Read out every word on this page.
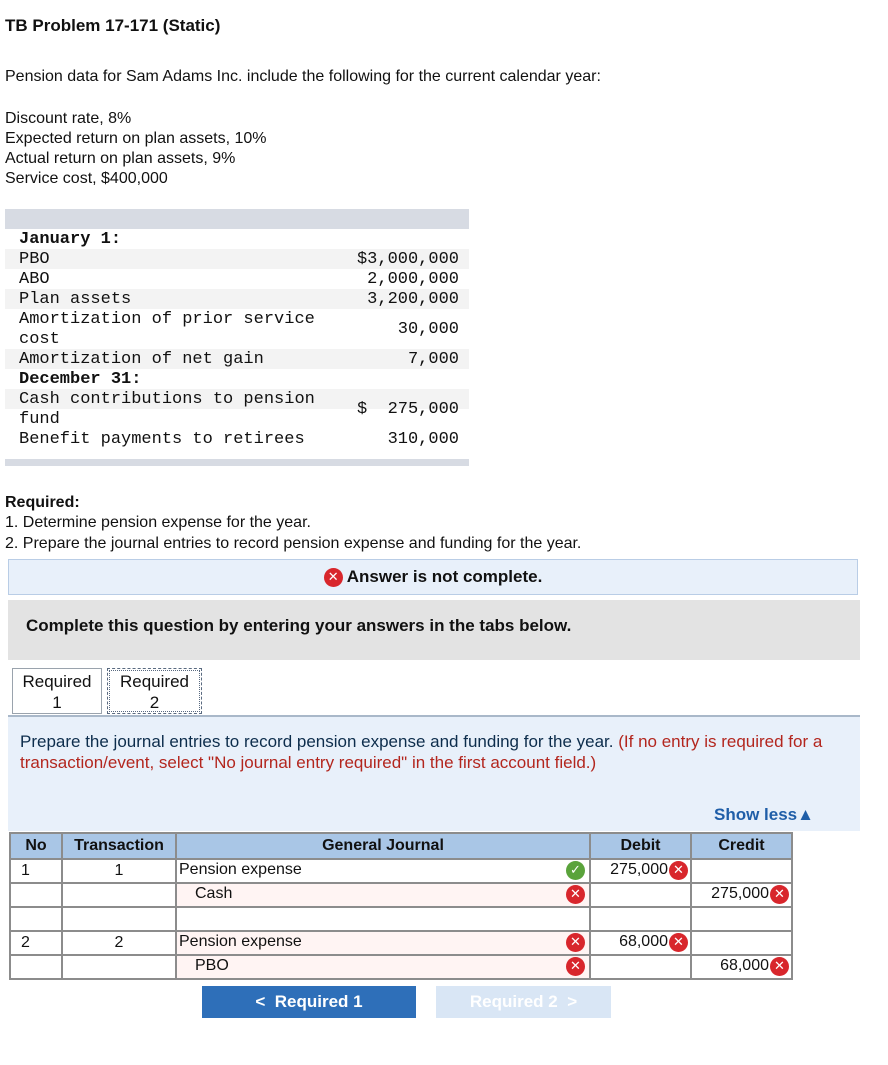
TB Problem 17-171 (Static)
Pension data for Sam Adams Inc. include the following for the current calendar year:
Discount rate, 8%
Expected return on plan assets, 10%
Actual return on plan assets, 9%
Service cost, $400,000
January 1:
PBO	$3,000,000
ABO	2,000,000
Plan assets	3,200,000
Amortization of prior service cost
30,000
Amortization of net gain	7,000
December 31:
Cash contributions to pension fund
$  275,000
Benefit payments to retirees	310,000
Required:
1. Determine pension expense for the year.
2. Prepare the journal entries to record pension expense and funding for the year.
✕ Answer is not complete.
Complete this question by entering your answers in the tabs below.
Required
1
Required
2
Prepare the journal entries to record pension expense and funding for the year. (If no entry is required for a transaction/event, select "No journal entry required" in the first account field.)
Show less▲
No	Transaction	General Journal	Debit	Credit
1	1	Pension expense ✓	275,000 ✕	

		Cash ✕		275,000 ✕

2	2	Pension expense ✕	68,000 ✕	

		PBO ✕		68,000 ✕
< Required 1	Required 2 >
